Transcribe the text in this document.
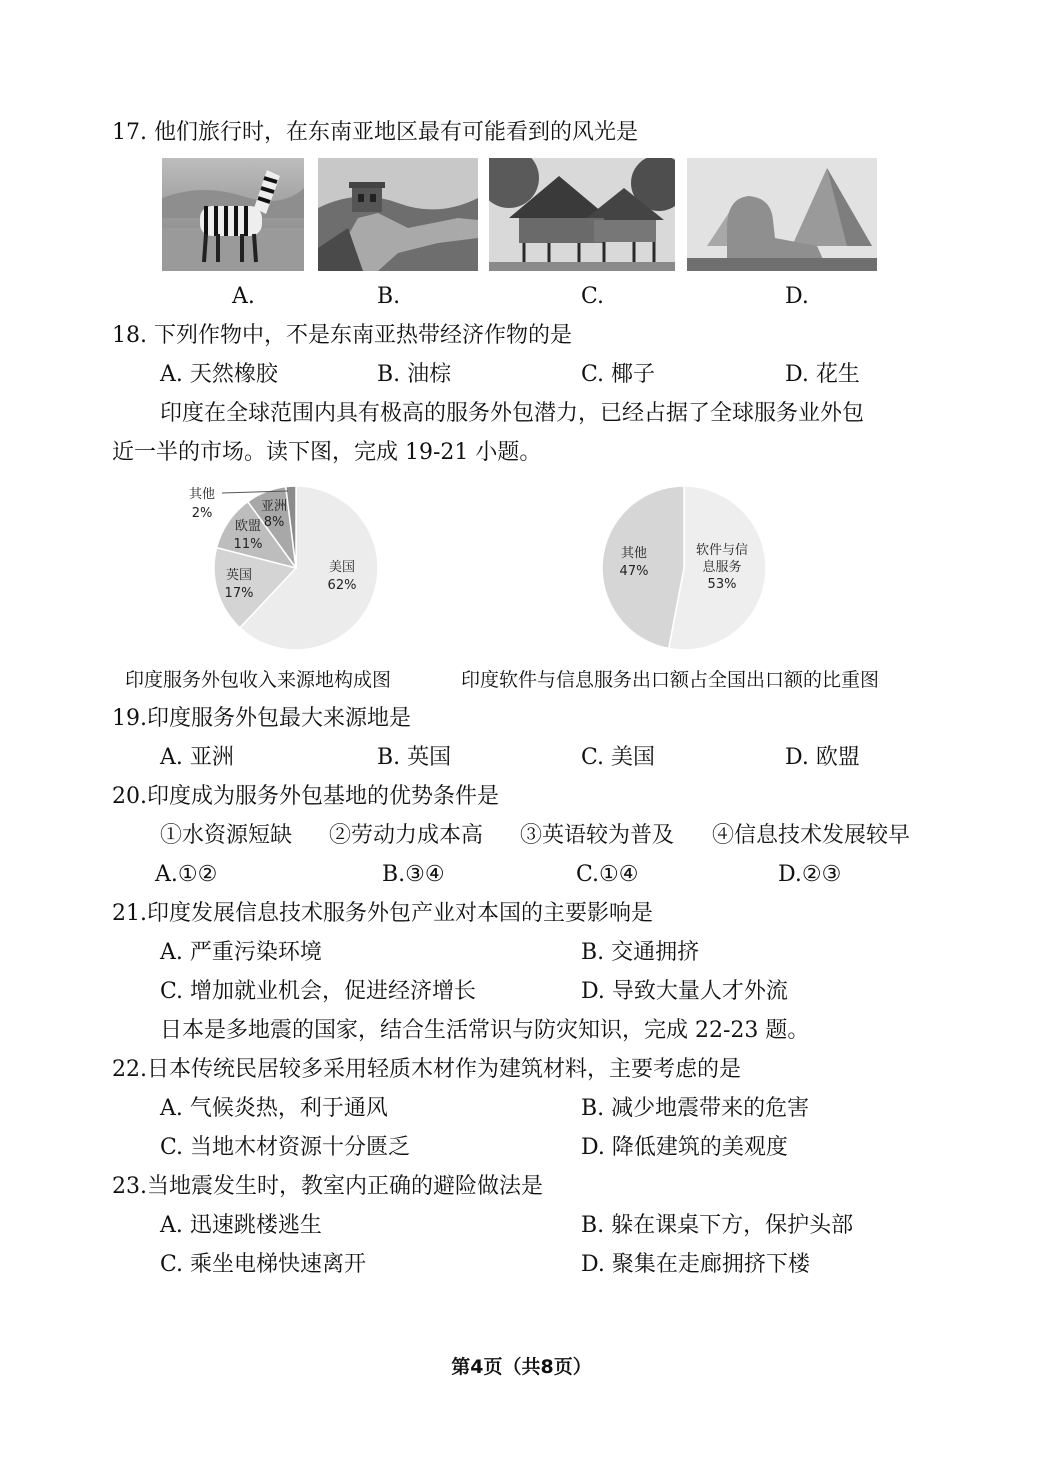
17. 他们旅行时，在东南亚地区最有可能看到的风光是
A.	B.	C.	D.
18. 下列作物中，不是东南亚热带经济作物的是
A. 天然橡胶	B. 油棕	C. 椰子	D. 花生
印度在全球范围内具有极高的服务外包潜力，已经占据了全球服务业外包
近一半的市场。读下图，完成 19-21 小题。
美国
62%
英国
17%
欧盟
11%
亚洲
8%
其他
2%
软件与信
息服务
53%
其他
47%
印度服务外包收入来源地构成图	印度软件与信息服务出口额占全国出口额的比重图
19.印度服务外包最大来源地是
A. 亚洲	B. 英国	C. 美国	D. 欧盟
20.印度成为服务外包基地的优势条件是
①水资源短缺 ②劳动力成本高 ③英语较为普及 ④信息技术发展较早
A.①②	B.③④	C.①④	D.②③
21.印度发展信息技术服务外包产业对本国的主要影响是
A. 严重污染环境	B. 交通拥挤
C. 增加就业机会，促进经济增长	D. 导致大量人才外流
日本是多地震的国家，结合生活常识与防灾知识，完成 22-23 题。
22.日本传统民居较多采用轻质木材作为建筑材料，主要考虑的是
A. 气候炎热，利于通风	B. 减少地震带来的危害
C. 当地木材资源十分匮乏	D. 降低建筑的美观度
23.当地震发生时，教室内正确的避险做法是
A. 迅速跳楼逃生	B. 躲在课桌下方，保护头部
C. 乘坐电梯快速离开	D. 聚集在走廊拥挤下楼
第4页（共8页）
